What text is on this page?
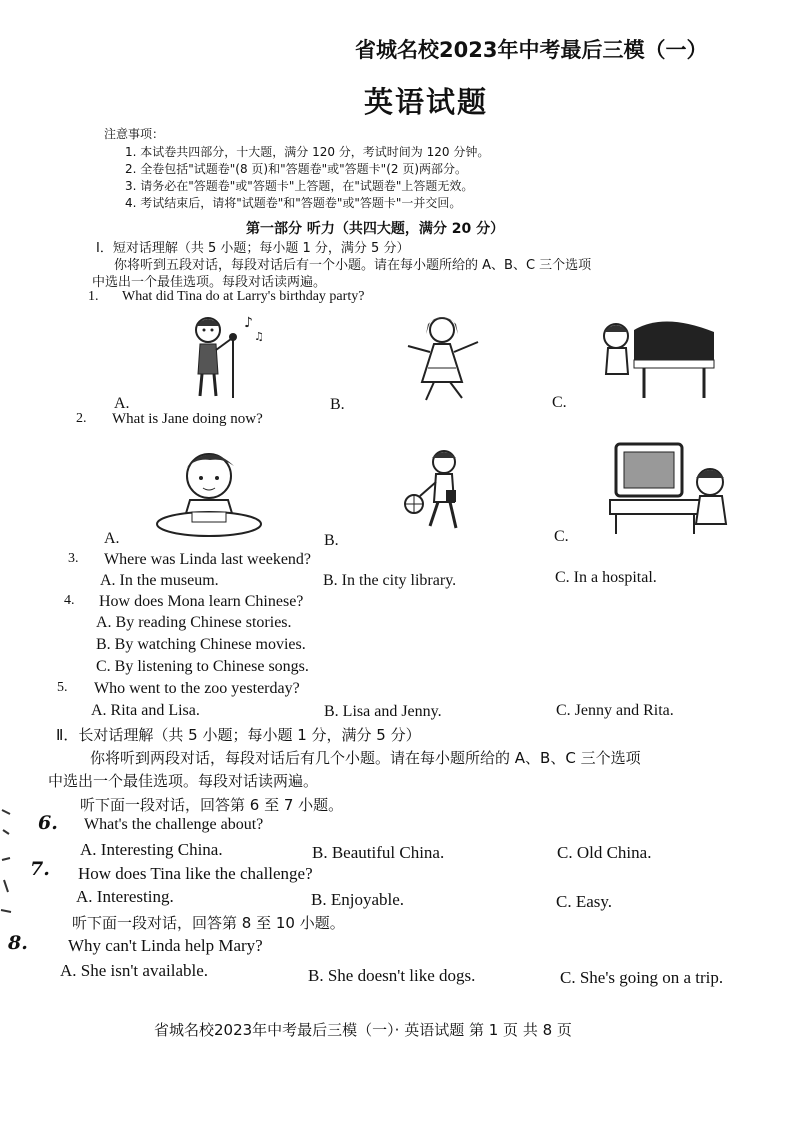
省城名校2023年中考最后三模（一）
英语试题
注意事项：
1. 本试卷共四部分，十大题，满分 120 分，考试时间为 120 分钟。
2. 全卷包括"试题卷"(8 页)和"答题卷"或"答题卡"(2 页)两部分。
3. 请务必在"答题卷"或"答题卡"上答题，在"试题卷"上答题无效。
4. 考试结束后，请将"试题卷"和"答题卷"或"答题卡"一并交回。
第一部分 听力（共四大题，满分 20 分）
Ⅰ．短对话理解（共 5 小题；每小题 1 分，满分 5 分）
你将听到五段对话，每段对话后有一个小题。请在每小题所给的 A、B、C 三个选项
中选出一个最佳选项。每段对话读两遍。
1. What did Tina do at Larry's birthday party?
♪
♫
A.	B.	C.
2. What is Jane doing now?
A.	B.	C.
3. Where was Linda last weekend?
A. In the museum.	B. In the city library.	C. In a hospital.
4. How does Mona learn Chinese?
A. By reading Chinese stories.
B. By watching Chinese movies.
C. By listening to Chinese songs.
5. Who went to the zoo yesterday?
A. Rita and Lisa.	B. Lisa and Jenny.	C. Jenny and Rita.
Ⅱ．长对话理解（共 5 小题；每小题 1 分，满分 5 分）
你将听到两段对话，每段对话后有几个小题。请在每小题所给的 A、B、C 三个选项
中选出一个最佳选项。每段对话读两遍。
听下面一段对话，回答第 6 至 7 小题。
6. What's the challenge about?
A. Interesting China.	B. Beautiful China.	C. Old China.
7. How does Tina like the challenge?
A. Interesting.	B. Enjoyable.	C. Easy.
听下面一段对话，回答第 8 至 10 小题。
8. Why can't Linda help Mary?
A. She isn't available.	B. She doesn't like dogs.	C. She's going on a trip.
省城名校2023年中考最后三模（一）· 英语试题 第 1 页 共 8 页
